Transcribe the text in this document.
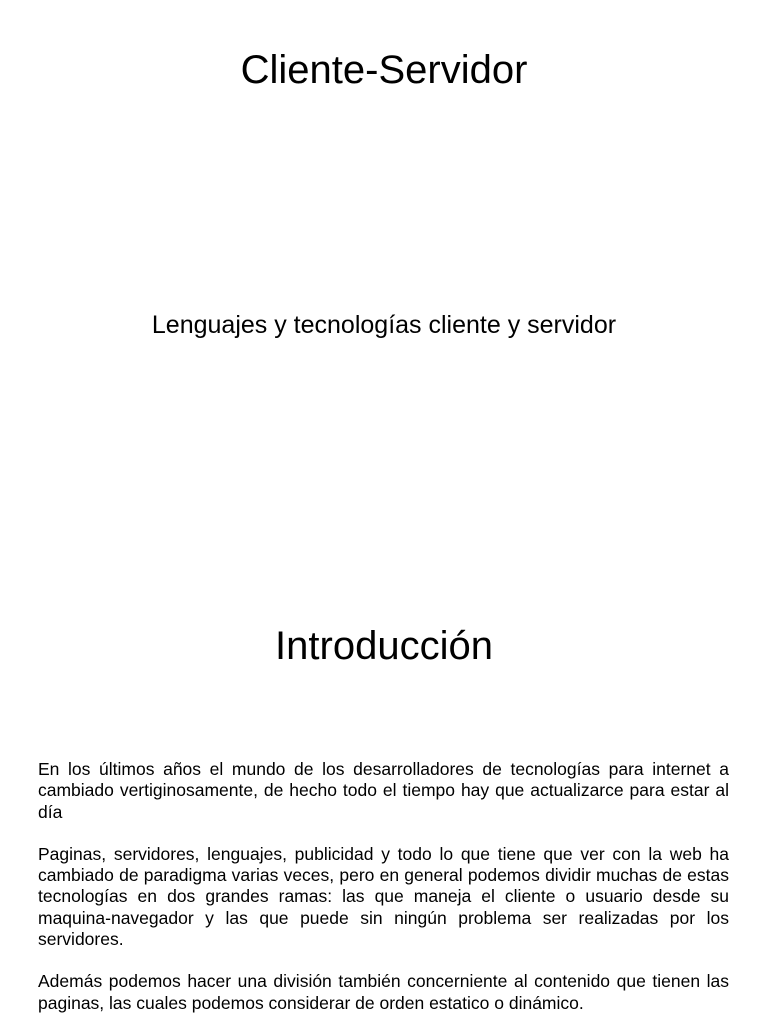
Cliente-Servidor
Lenguajes y tecnologías cliente y servidor
Introducción

En los últimos años el mundo de los desarrolladores de tecnologías para internet a cambiado vertiginosamente, de hecho todo el tiempo hay que actualizarce para estar al día

Paginas, servidores, lenguajes, publicidad y todo lo que tiene que ver con la web ha cambiado de paradigma varias veces, pero en general podemos dividir muchas de estas tecnologías en dos grandes ramas: las que maneja el cliente o usuario desde su maquina-navegador y las que puede sin ningún problema ser realizadas por los servidores.

Además podemos hacer una división también concerniente al contenido que tienen las paginas, las cuales podemos considerar de orden estatico o dinámico.
